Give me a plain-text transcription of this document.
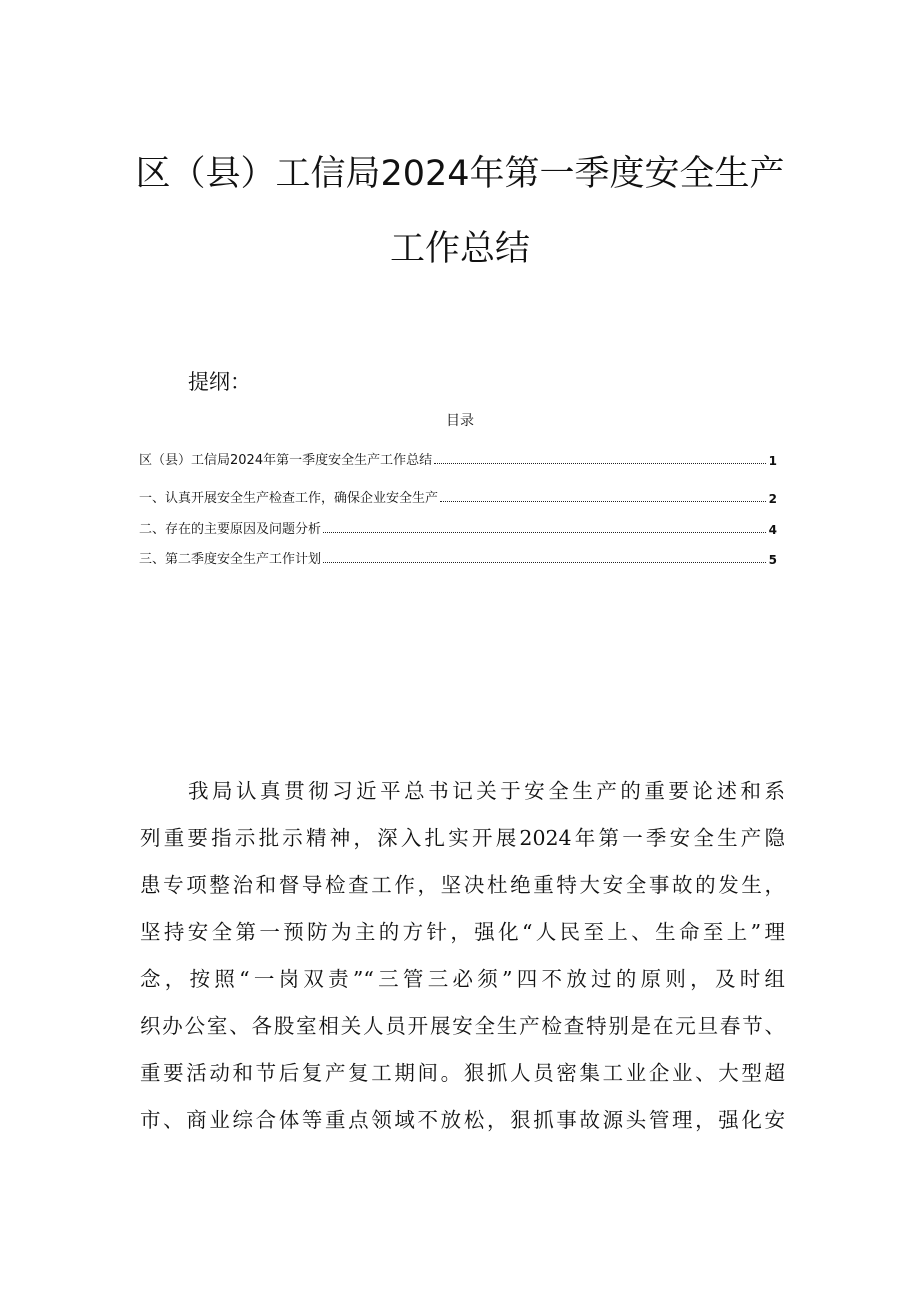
区（县）工信局2024年第一季度安全生产
工作总结
提纲：
目录
区（县）工信局2024年第一季度安全生产工作总结	1
一、认真开展安全生产检查工作，确保企业安全生产	2
二、存在的主要原因及问题分析	4
三、第二季度安全生产工作计划	5
我局认真贯彻习近平总书记关于安全生产的重要论述和系
列重要指示批示精神，深入扎实开展2024年第一季安全生产隐
患专项整治和督导检查工作，坚决杜绝重特大安全事故的发生，
坚持安全第一预防为主的方针，强化“人民至上、生命至上”理
念，按照“一岗双责”“三管三必须”四不放过的原则，及时组
织办公室、各股室相关人员开展安全生产检查特别是在元旦春节、
重要活动和节后复产复工期间。狠抓人员密集工业企业、大型超
市、商业综合体等重点领域不放松，狠抓事故源头管理，强化安
